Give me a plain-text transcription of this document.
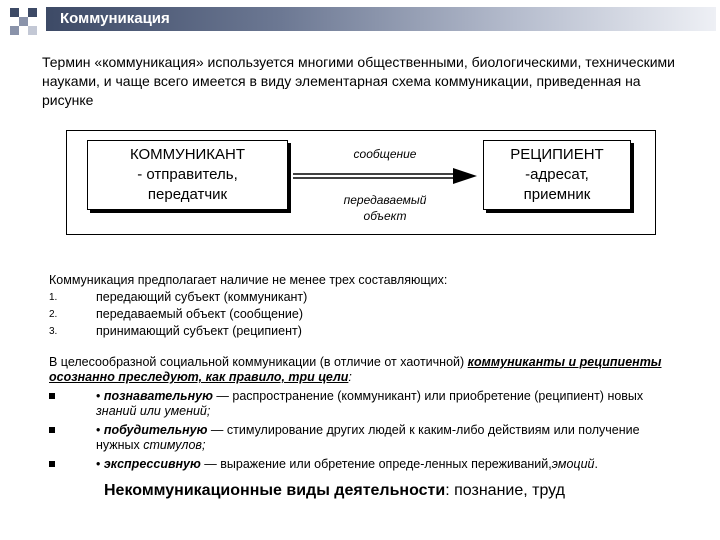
Коммуникация
Термин «коммуникация» используется многими общественными, биологическими, техническими науками, и чаще всего имеется в виду элементарная схема коммуникации, приведенная на рисунке
КОММУНИКАНТ
- отправитель,
передатчик
РЕЦИПИЕНТ
-адресат,
приемник
сообщение
передаваемый
объект
Коммуникация предполагает наличие не менее трех составляющих:
1.	передающий субъект (коммуникант)
2.	передаваемый объект (сообщение)
3.	принимающий субъект (реципиент)

В целесообразной социальной коммуникации (в отличие от хаотичной) коммуниканты и реципиенты осознанно преследуют, как правило, три цели:

• познавательную — распространение (коммуникант) или приобретение (реципиент) новых знаний или умений;
• побудительную — стимулирование других людей к каким-либо действиям или получение нужных стимулов;
• экспрессивную — выражение или обретение опреде-ленных переживаний,эмоций.
Некоммуникационные виды деятельности: познание, труд
